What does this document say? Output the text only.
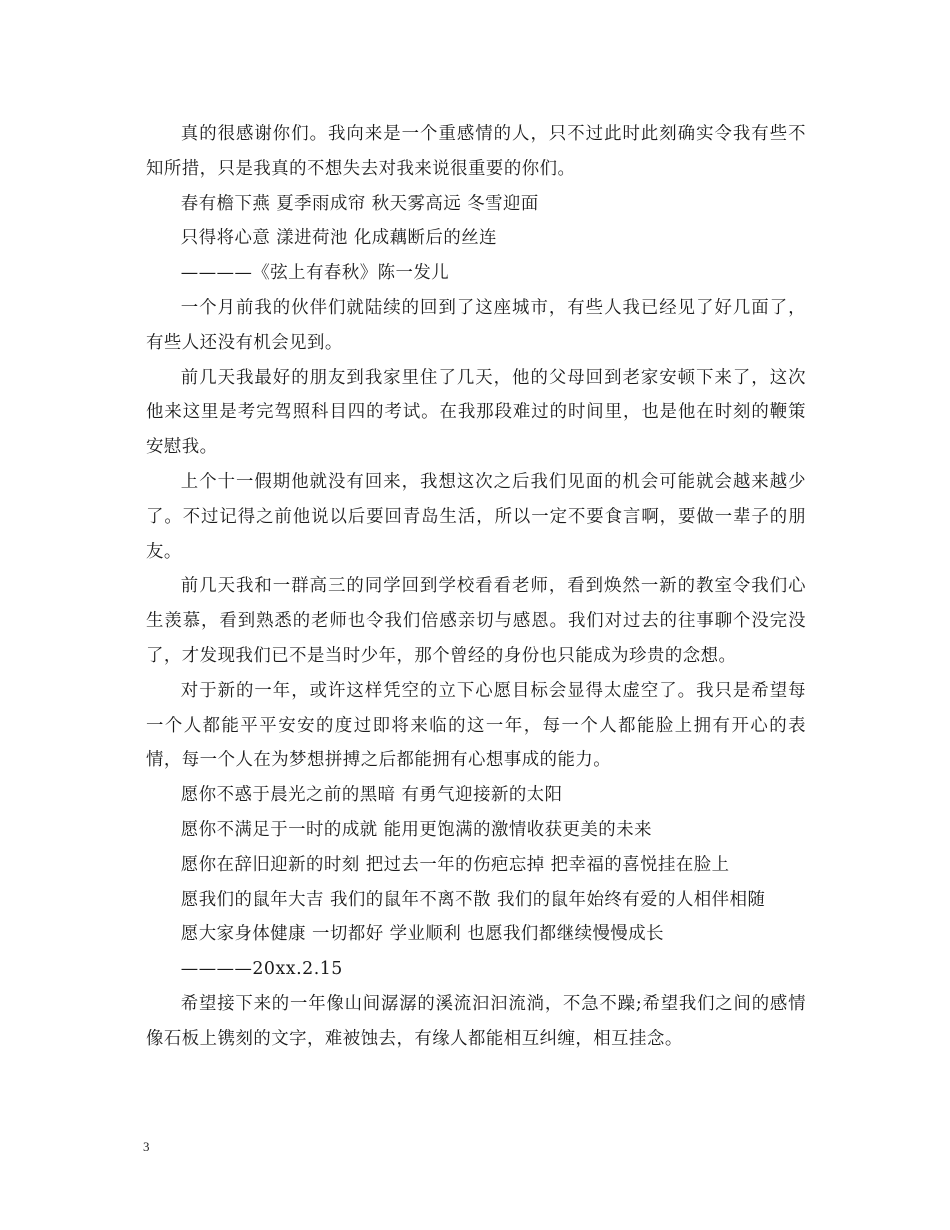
真的很感谢你们。我向来是一个重感情的人，只不过此时此刻确实令我有些不知所措，只是我真的不想失去对我来说很重要的你们。

春有檐下燕 夏季雨成帘 秋天雾高远 冬雪迎面

只得将心意 漾进荷池 化成藕断后的丝连

————《弦上有春秋》陈一发儿

一个月前我的伙伴们就陆续的回到了这座城市，有些人我已经见了好几面了，有些人还没有机会见到。

前几天我最好的朋友到我家里住了几天，他的父母回到老家安顿下来了，这次他来这里是考完驾照科目四的考试。在我那段难过的时间里，也是他在时刻的鞭策安慰我。

上个十一假期他就没有回来，我想这次之后我们见面的机会可能就会越来越少了。不过记得之前他说以后要回青岛生活，所以一定不要食言啊，要做一辈子的朋友。

前几天我和一群高三的同学回到学校看看老师，看到焕然一新的教室令我们心生羡慕，看到熟悉的老师也令我们倍感亲切与感恩。我们对过去的往事聊个没完没了，才发现我们已不是当时少年，那个曾经的身份也只能成为珍贵的念想。

对于新的一年，或许这样凭空的立下心愿目标会显得太虚空了。我只是希望每一个人都能平平安安的度过即将来临的这一年，每一个人都能脸上拥有开心的表情，每一个人在为梦想拼搏之后都能拥有心想事成的能力。

愿你不惑于晨光之前的黑暗 有勇气迎接新的太阳

愿你不满足于一时的成就 能用更饱满的激情收获更美的未来

愿你在辞旧迎新的时刻 把过去一年的伤疤忘掉 把幸福的喜悦挂在脸上

愿我们的鼠年大吉 我们的鼠年不离不散 我们的鼠年始终有爱的人相伴相随

愿大家身体健康 一切都好 学业顺利 也愿我们都继续慢慢成长

————20xx.2.15

希望接下来的一年像山间潺潺的溪流汩汩流淌，不急不躁;希望我们之间的感情像石板上镌刻的文字，难被蚀去，有缘人都能相互纠缠，相互挂念。

3
